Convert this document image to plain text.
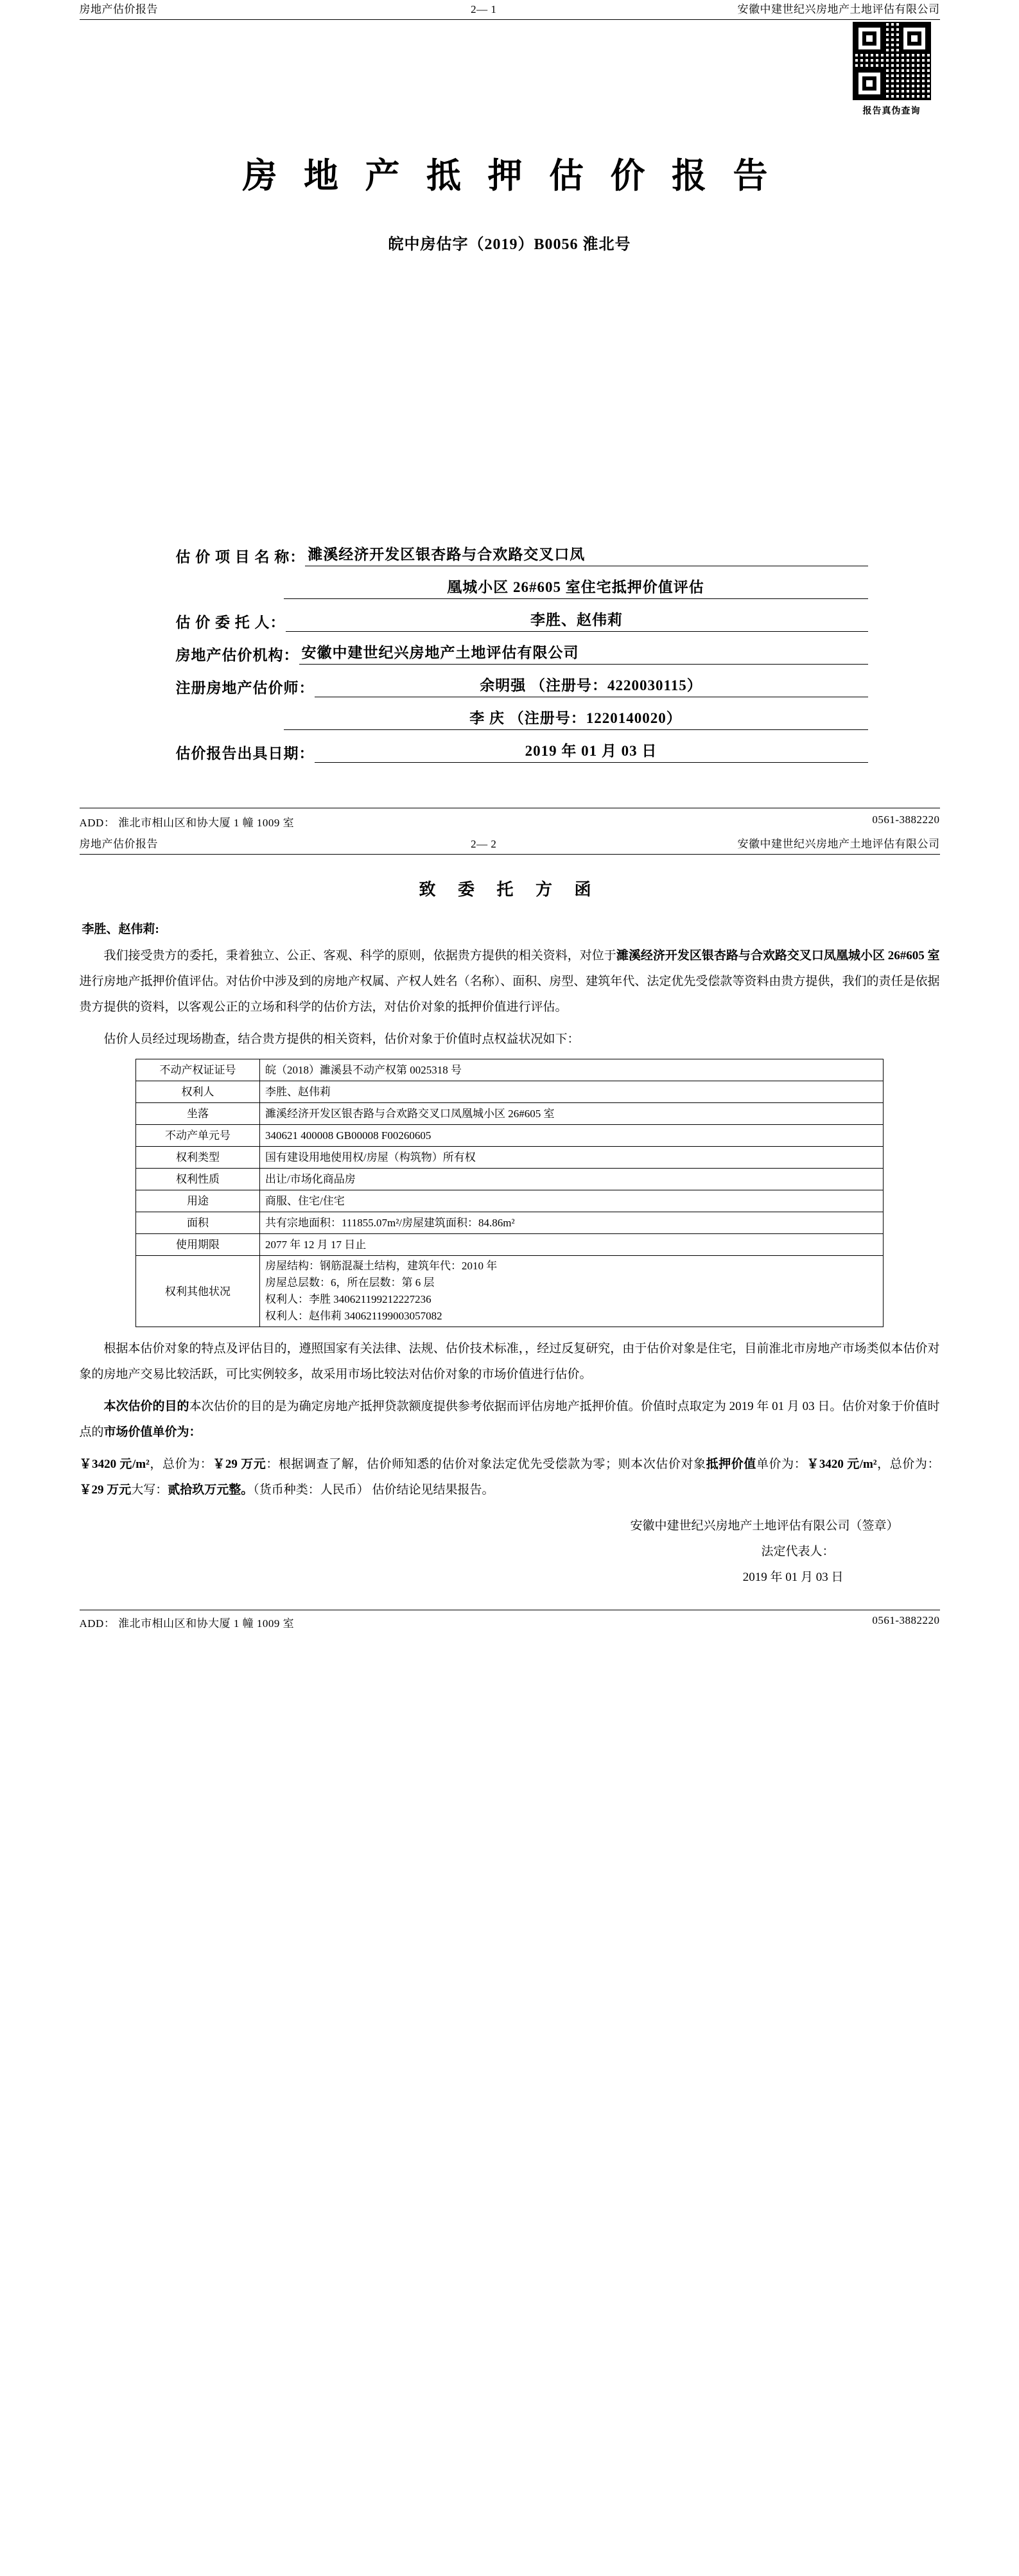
房地产估价报告	2— 1	安徽中建世纪兴房地产土地评估有限公司
报告真伪查询
房 地 产 抵 押 估 价 报 告
皖中房估字（2019）B0056 淮北号
估 价 项 目 名 称： 濉溪经济开发区银杏路与合欢路交叉口凤
凰城小区 26#605 室住宅抵押价值评估
估 价 委 托 人：	李胜、赵伟莉
房地产估价机构： 安徽中建世纪兴房地产土地评估有限公司
注册房地产估价师：	余明强 （注册号：4220030115）
李 庆 （注册号：1220140020）
估价报告出具日期：	2019 年 01 月 03 日
ADD： 淮北市相山区和协大厦 1 幢 1009 室	0561-3882220
房地产估价报告	2— 2	安徽中建世纪兴房地产土地评估有限公司
致 委 托 方 函
李胜、赵伟莉:

我们接受贵方的委托，秉着独立、公正、客观、科学的原则，依据贵方提供的相关资料，对位于濉溪经济开发区银杏路与合欢路交叉口凤凰城小区 26#605 室进行房地产抵押价值评估。对估价中涉及到的房地产权属、产权人姓名（名称）、面积、房型、建筑年代、法定优先受偿款等资料由贵方提供，我们的责任是依据贵方提供的资料，以客观公正的立场和科学的估价方法，对估价对象的抵押价值进行评估。

估价人员经过现场勘查，结合贵方提供的相关资料，估价对象于价值时点权益状况如下：

不动产权证证号	皖（2018）濉溪县不动产权第 0025318 号
权利人	李胜、赵伟莉
坐落	濉溪经济开发区银杏路与合欢路交叉口凤凰城小区 26#605 室
不动产单元号	340621 400008 GB00008 F00260605
权利类型	国有建设用地使用权/房屋（构筑物）所有权
权利性质	出让/市场化商品房
用途	商服、住宅/住宅
面积	共有宗地面积：111855.07m²/房屋建筑面积：84.86m²
使用期限	2077 年 12 月 17 日止
权利其他状况	房屋结构：钢筋混凝土结构，建筑年代：2010 年
房屋总层数：6，所在层数：第 6 层
权利人：李胜 340621199212227236
权利人：赵伟莉 340621199003057082

根据本估价对象的特点及评估目的，遵照国家有关法律、法规、估价技术标准，，经过反复研究，由于估价对象是住宅，目前淮北市房地产市场类似本估价对象的房地产交易比较活跃，可比实例较多，故采用市场比较法对估价对象的市场价值进行估价。

本次估价的目的本次估价的目的是为确定房地产抵押贷款额度提供参考依据而评估房地产抵押价值。价值时点取定为 2019 年 01 月 03 日。估价对象于价值时点的市场价值单价为：

￥3420 元/m²，总价为：￥29 万元：根据调查了解，估价师知悉的估价对象法定优先受偿款为零；则本次估价对象抵押价值单价为：￥3420 元/m²，总价为：￥29 万元大写：贰拾玖万元整。（货币种类：人民币） 估价结论见结果报告。

安徽中建世纪兴房地产土地评估有限公司（签章）
法定代表人：
2019 年 01 月 03 日
ADD： 淮北市相山区和协大厦 1 幢 1009 室	0561-3882220
